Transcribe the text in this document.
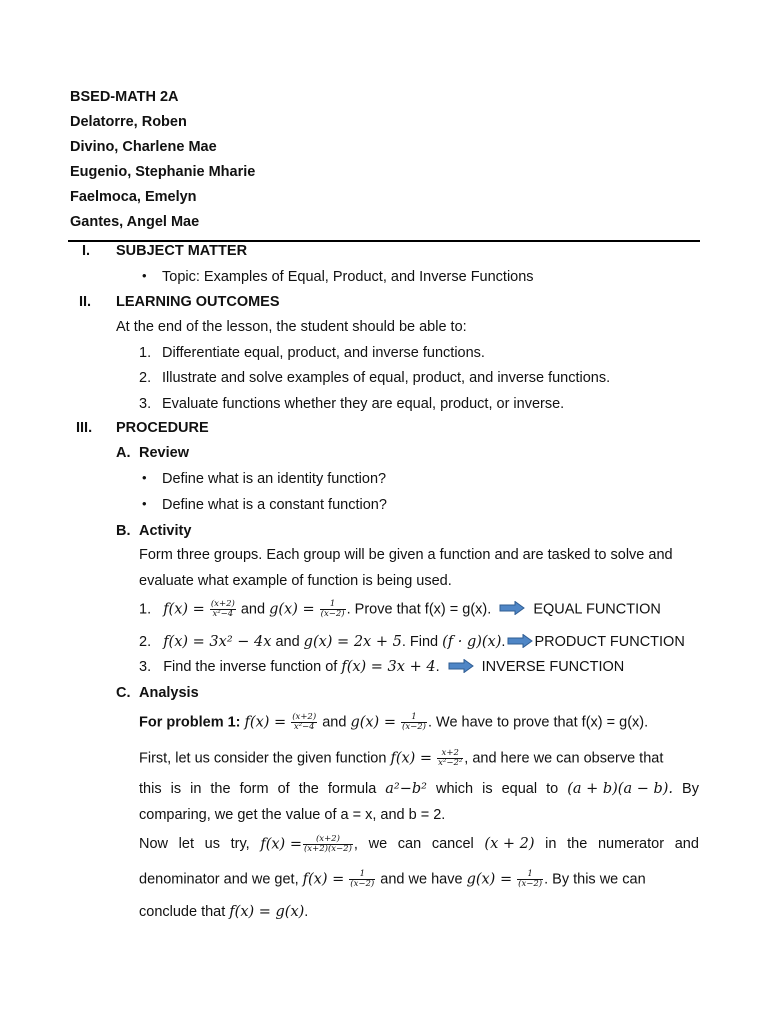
BSED-MATH 2A
Delatorre, Roben
Divino, Charlene Mae
Eugenio, Stephanie Mharie
Faelmoca, Emelyn
Gantes, Angel Mae
I. SUBJECT MATTER
• Topic: Examples of Equal, Product, and Inverse Functions
II. LEARNING OUTCOMES
At the end of the lesson, the student should be able to:
1. Differentiate equal, product, and inverse functions.
2. Illustrate and solve examples of equal, product, and inverse functions.
3. Evaluate functions whether they are equal, product, or inverse.
III. PROCEDURE
A. Review
• Define what is an identity function?
• Define what is a constant function?
B. Activity
Form three groups. Each group will be given a function and are tasked to solve and
evaluate what example of function is being used.
1. $f(x) = \frac{(x+2)}{\text{x²−4}}$ and $g(x) = \frac{1}{(x-2)}$ . Prove that f(x) = g(x).	EQUAL FUNCTION
2. f(x) = 3x² − 4x and g(x) = 2x + 5. Find (f · g)(x). PRODUCT FUNCTION
3. Find the inverse function of f(x) = 3x + 4.	INVERSE FUNCTION
C. Analysis
For problem 1: $f(x) = \frac{(x+2)}{\text{x²−4}}$ and $g(x) = \frac{1}{(x-2)}$ . We have to prove that f(x) = g(x).
First, let us consider the given function $f(x) = \frac{x+2}{\text{x²−2²}}$ , and here we can observe that
this is in the form of the formula a²−b² which is equal to (a + b)(a − b). By
comparing, we get the value of a = x, and b = 2.
Now let us try, $f(x) = \frac{(x+2)}{(x+2)(x-2)}$ , we can cancel (x + 2) in the numerator and
denominator and we get, $f(x) = \frac{1}{(x-2)}$ and we have $g(x) = \frac{1}{(x-2)}$ . By this we can
conclude that f(x) = g(x).
